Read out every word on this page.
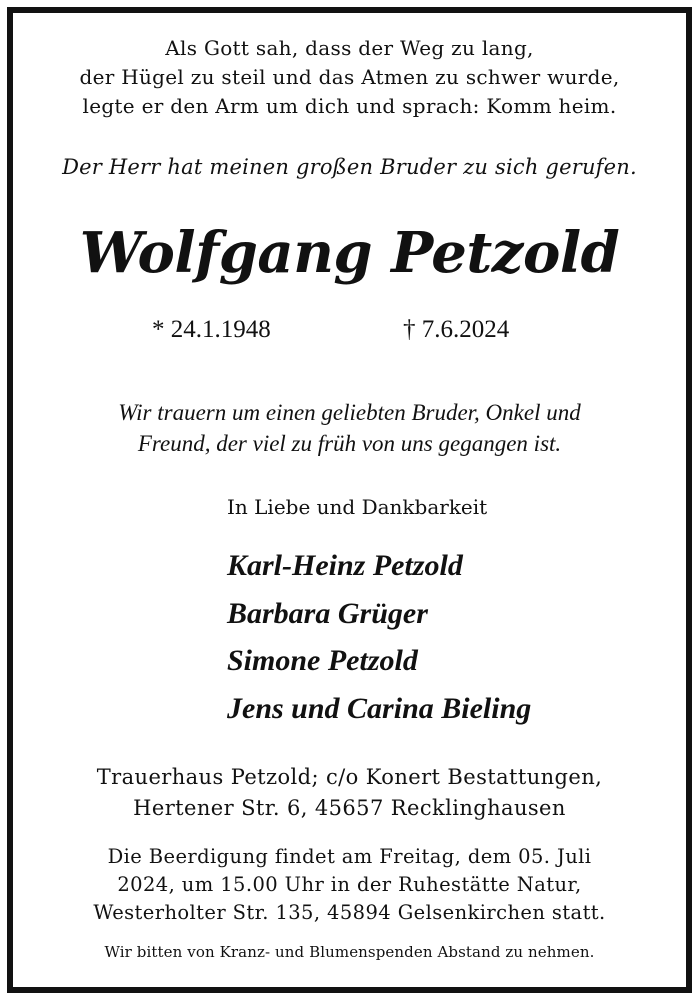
Als Gott sah, dass der Weg zu lang,
der Hügel zu steil und das Atmen zu schwer wurde,
legte er den Arm um dich und sprach: Komm heim.
Der Herr hat meinen großen Bruder zu sich gerufen.
Wolfgang Petzold
* 24.1.1948	† 7.6.2024
Wir trauern um einen geliebten Bruder, Onkel und
Freund, der viel zu früh von uns gegangen ist.
In Liebe und Dankbarkeit
Karl-Heinz Petzold
Barbara Grüger
Simone Petzold
Jens und Carina Bieling
Trauerhaus Petzold; c/o Konert Bestattungen,
Hertener Str. 6, 45657 Recklinghausen
Die Beerdigung findet am Freitag, dem 05. Juli
2024, um 15.00 Uhr in der Ruhestätte Natur,
Westerholter Str. 135, 45894 Gelsenkirchen statt.
Wir bitten von Kranz- und Blumenspenden Abstand zu nehmen.
